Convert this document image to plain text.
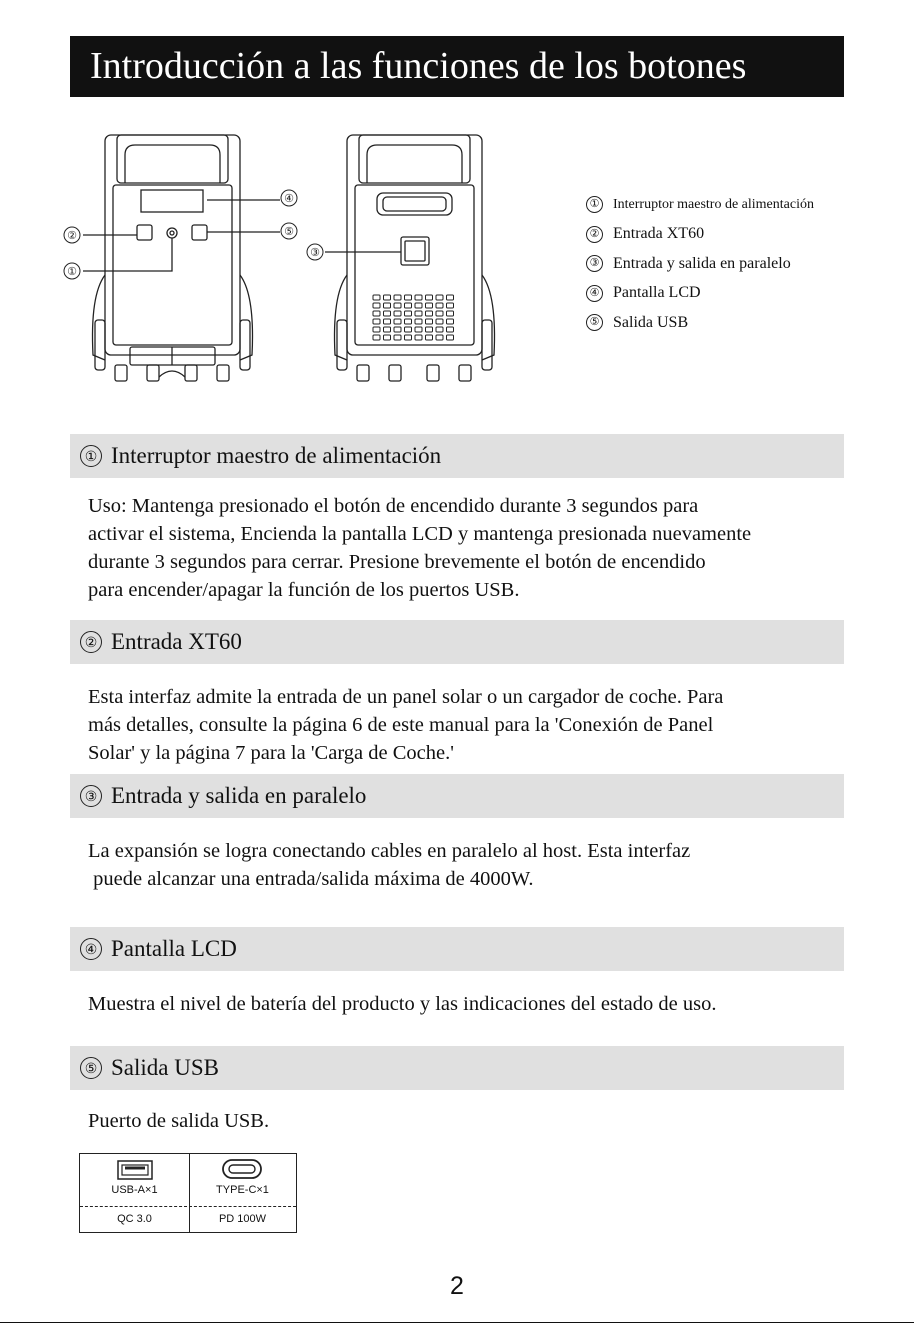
Introducción a las funciones de los botones
④
⑤
②
①
③
① Interruptor maestro de alimentación
② Entrada XT60
③ Entrada y salida en paralelo
④ Pantalla LCD
⑤ Salida USB
① Interruptor maestro de alimentación
Uso: Mantenga presionado el botón de encendido durante 3 segundos para
activar el sistema, Encienda la pantalla LCD y mantenga presionada nuevamente
durante 3 segundos para cerrar. Presione brevemente el botón de encendido
para encender/apagar la función de los puertos USB.
② Entrada XT60
Esta interfaz admite la entrada de un panel solar o un cargador de coche. Para
más detalles, consulte la página 6 de este manual para la 'Conexión de Panel
Solar' y la página 7 para la 'Carga de Coche.'
③ Entrada y salida en paralelo
La expansión se logra conectando cables en paralelo al host. Esta interfaz
puede alcanzar una entrada/salida máxima de 4000W.
④ Pantalla LCD
Muestra el nivel de batería del producto y las indicaciones del estado de uso.
⑤ Salida USB
Puerto de salida USB.
USB-A×1
QC 3.0
TYPE-C×1
PD 100W
2
